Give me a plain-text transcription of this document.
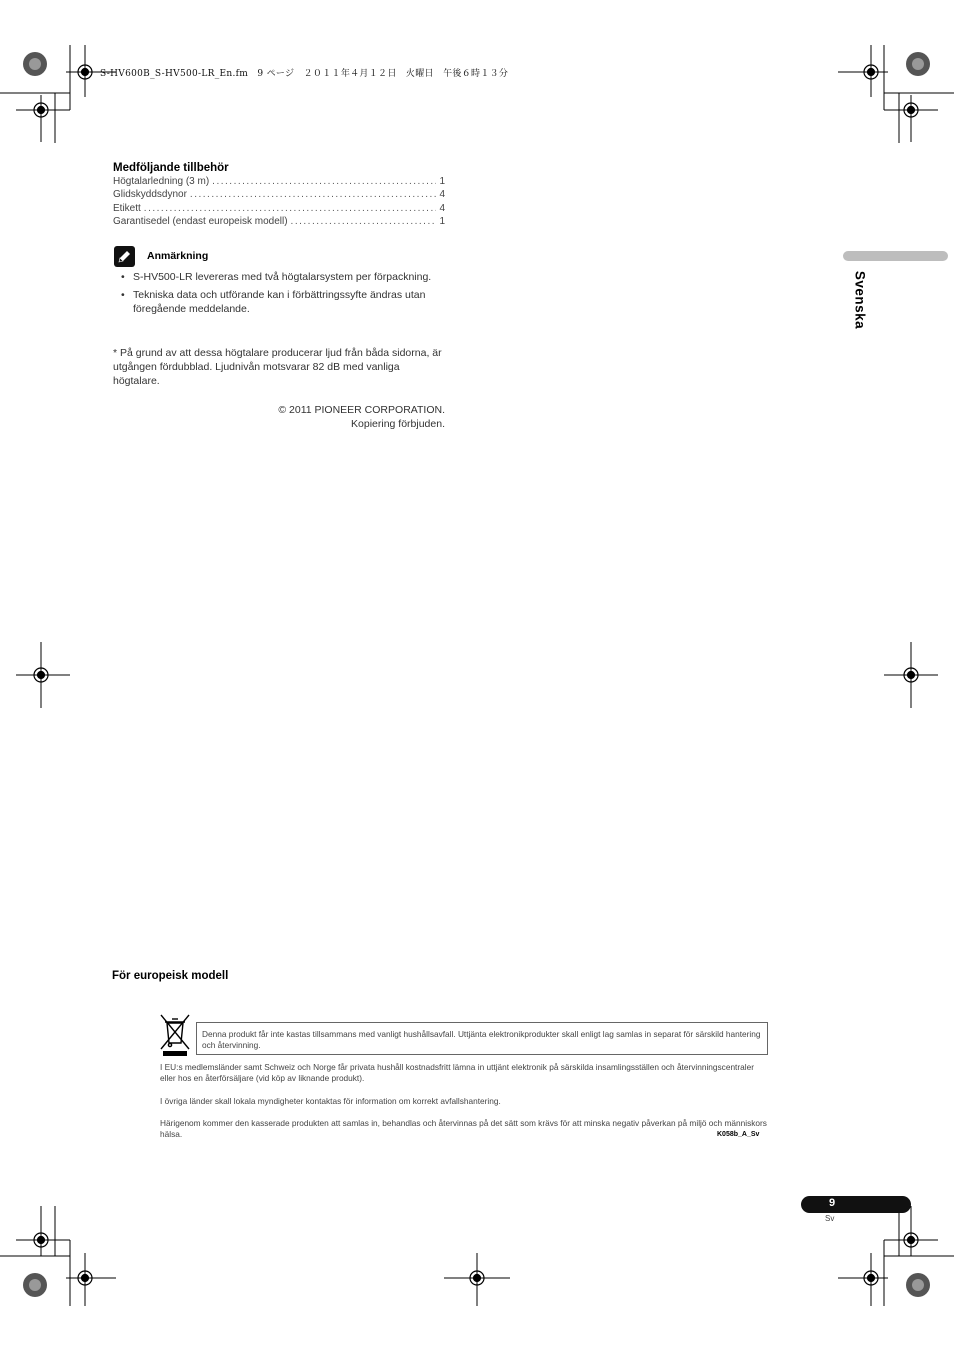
S-HV600B_S-HV500-LR_En.fm　9 ページ　２０１１年４月１２日　火曜日　午後６時１３分
Medföljande tillbehör
Högtalarledning (3 m) .....	1
Glidskyddsdynor .....	4
Etikett .....	4
Garantisedel (endast europeisk modell) .....	1
Anmärkning
• S-HV500-LR levereras med två högtalarsystem per förpackning.
• Tekniska data och utförande kan i förbättringssyfte ändras utan föregående meddelande.
* På grund av att dessa högtalare producerar ljud från båda sidorna, är utgången fördubblad. Ljudnivån motsvarar 82 dB med vanliga högtalare.
© 2011 PIONEER CORPORATION.
Kopiering förbjuden.
Svenska
För europeisk modell
Denna produkt får inte kastas tillsammans med vanligt hushållsavfall. Uttjänta elektronikprodukter skall enligt lag samlas in separat för särskild hantering och återvinning.
I EU:s medlemsländer samt Schweiz och Norge får privata hushåll kostnadsfritt lämna in uttjänt elektronik på särskilda insamlingsställen och återvinningscentraler eller hos en återförsäljare (vid köp av liknande produkt).
I övriga länder skall lokala myndigheter kontaktas för information om korrekt avfallshantering.
Härigenom kommer den kasserade produkten att samlas in, behandlas och återvinnas på det sätt som krävs för att minska negativ påverkan på miljö och människors hälsa.	K058b_A_Sv
9
Sv
